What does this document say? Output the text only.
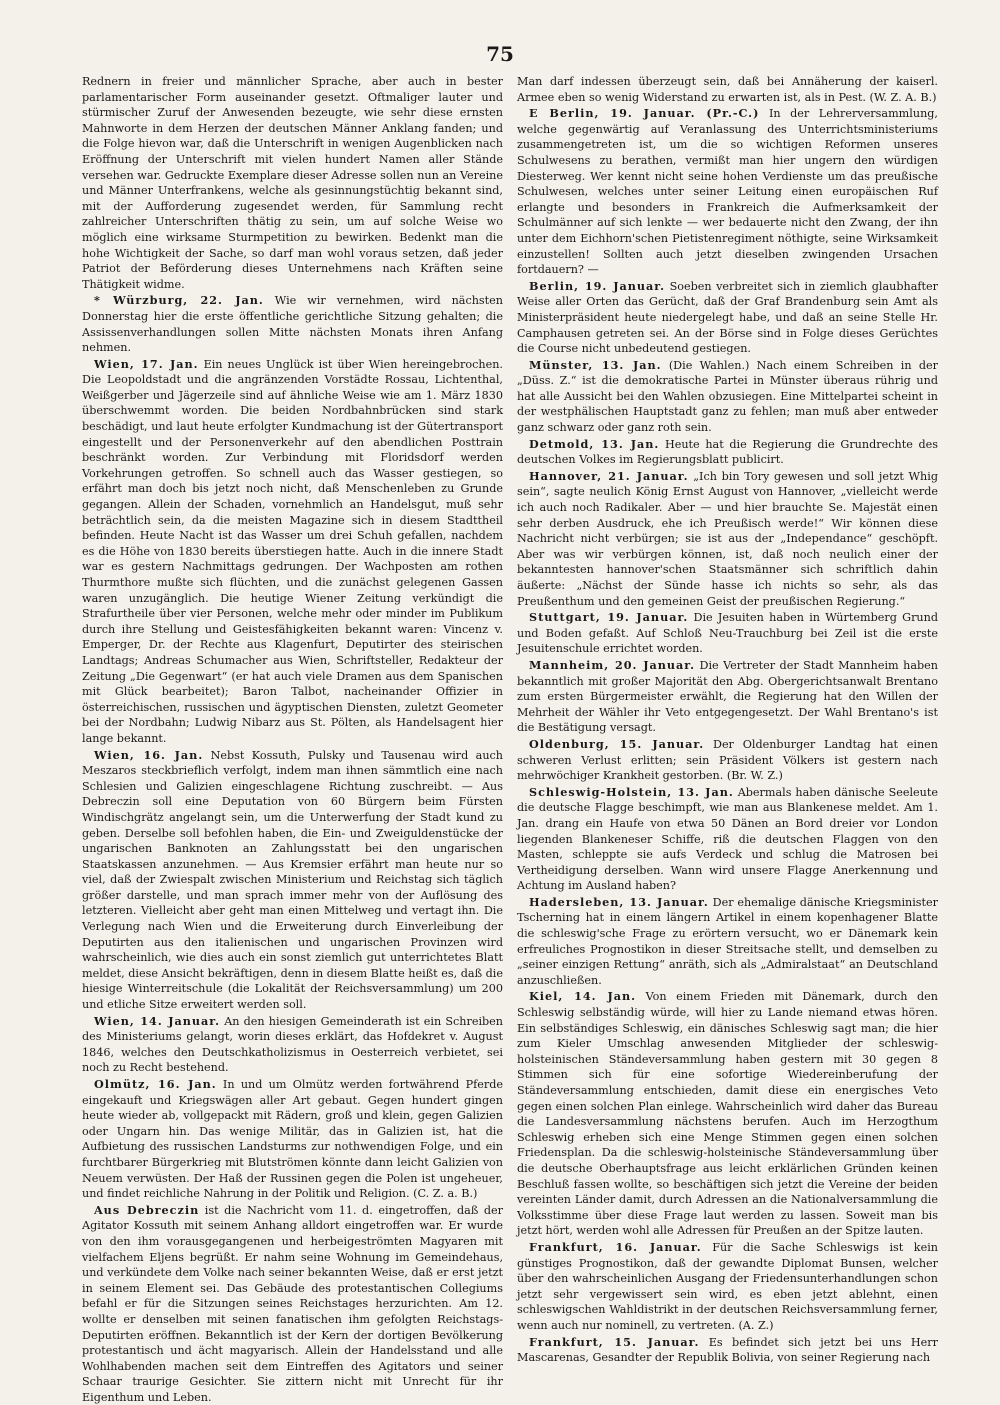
75

Rednern in freier und männlicher Sprache, aber auch in bester parlamentarischer Form auseinander gesetzt. Oftmaliger lauter und stürmischer Zuruf der Anwesenden bezeugte, wie sehr diese ernsten Mahnworte in dem Herzen der deutschen Männer Anklang fanden; und die Folge hievon war, daß die Unterschrift in wenigen Augenblicken nach Eröffnung der Unterschrift mit vielen hundert Namen aller Stände versehen war. Gedruckte Exemplare dieser Adresse sollen nun an Vereine und Männer Unterfrankens, welche als gesinnungstüchtig bekannt sind, mit der Aufforderung zugesendet werden, für Sammlung recht zahlreicher Unterschriften thätig zu sein, um auf solche Weise wo möglich eine wirksame Sturmpetition zu bewirken. Bedenkt man die hohe Wichtigkeit der Sache, so darf man wohl voraus setzen, daß jeder Patriot der Beförderung dieses Unternehmens nach Kräften seine Thätigkeit widme.

* Würzburg, 22. Jan. Wie wir vernehmen, wird nächsten Donnerstag hier die erste öffentliche gerichtliche Sitzung gehalten; die Assissenverhandlungen sollen Mitte nächsten Monats ihren Anfang nehmen.

Wien, 17. Jan. Ein neues Unglück ist über Wien hereingebrochen. Die Leopoldstadt und die angränzenden Vorstädte Rossau, Lichtenthal, Weißgerber und Jägerzeile sind auf ähnliche Weise wie am 1. März 1830 überschwemmt worden. Die beiden Nordbahnbrücken sind stark beschädigt, und laut heute erfolgter Kundmachung ist der Gütertransport eingestellt und der Personenverkehr auf den abendlichen Posttrain beschränkt worden. Zur Verbindung mit Floridsdorf werden Vorkehrungen getroffen. So schnell auch das Wasser gestiegen, so erfährt man doch bis jetzt noch nicht, daß Menschenleben zu Grunde gegangen. Allein der Schaden, vornehmlich an Handelsgut, muß sehr beträchtlich sein, da die meisten Magazine sich in diesem Stadttheil befinden. Heute Nacht ist das Wasser um drei Schuh gefallen, nachdem es die Höhe von 1830 bereits überstiegen hatte. Auch in die innere Stadt war es gestern Nachmittags gedrungen. Der Wachposten am rothen Thurmthore mußte sich flüchten, und die zunächst gelegenen Gassen waren unzugänglich. Die heutige Wiener Zeitung verkündigt die Strafurtheile über vier Personen, welche mehr oder minder im Publikum durch ihre Stellung und Geistesfähigkeiten bekannt waren: Vincenz v. Emperger, Dr. der Rechte aus Klagenfurt, Deputirter des steirischen Landtags; Andreas Schumacher aus Wien, Schriftsteller, Redakteur der Zeitung „Die Gegenwart“ (er hat auch viele Dramen aus dem Spanischen mit Glück bearbeitet); Baron Talbot, nacheinander Offizier in österreichischen, russischen und ägyptischen Diensten, zuletzt Geometer bei der Nordbahn; Ludwig Nibarz aus St. Pölten, als Handelsagent hier lange bekannt.

Wien, 16. Jan. Nebst Kossuth, Pulsky und Tausenau wird auch Meszaros steckbrieflich verfolgt, indem man ihnen sämmtlich eine nach Schlesien und Galizien eingeschlagene Richtung zuschreibt. — Aus Debreczin soll eine Deputation von 60 Bürgern beim Fürsten Windischgrätz angelangt sein, um die Unterwerfung der Stadt kund zu geben. Derselbe soll befohlen haben, die Ein- und Zweiguldenstücke der ungarischen Banknoten an Zahlungsstatt bei den ungarischen Staatskassen anzunehmen. — Aus Kremsier erfährt man heute nur so viel, daß der Zwiespalt zwischen Ministerium und Reichstag sich täglich größer darstelle, und man sprach immer mehr von der Auflösung des letzteren. Vielleicht aber geht man einen Mittelweg und vertagt ihn. Die Verlegung nach Wien und die Erweiterung durch Einverleibung der Deputirten aus den italienischen und ungarischen Provinzen wird wahrscheinlich, wie dies auch ein sonst ziemlich gut unterrichtetes Blatt meldet, diese Ansicht bekräftigen, denn in diesem Blatte heißt es, daß die hiesige Winterreitschule (die Lokalität der Reichsversammlung) um 200 und etliche Sitze erweitert werden soll.

Wien, 14. Januar. An den hiesigen Gemeinderath ist ein Schreiben des Ministeriums gelangt, worin dieses erklärt, das Hofdekret v. August 1846, welches den Deutschkatholizismus in Oesterreich verbietet, sei noch zu Recht bestehend.

Olmütz, 16. Jan. In und um Olmütz werden fortwährend Pferde eingekauft und Kriegswägen aller Art gebaut. Gegen hundert gingen heute wieder ab, vollgepackt mit Rädern, groß und klein, gegen Galizien oder Ungarn hin. Das wenige Militär, das in Galizien ist, hat die Aufbietung des russischen Landsturms zur nothwendigen Folge, und ein furchtbarer Bürgerkrieg mit Blutströmen könnte dann leicht Galizien von Neuem verwüsten. Der Haß der Russinen gegen die Polen ist ungeheuer, und findet reichliche Nahrung in der Politik und Religion. (C. Z. a. B.)

Aus Debreczin ist die Nachricht vom 11. d. eingetroffen, daß der Agitator Kossuth mit seinem Anhang alldort eingetroffen war. Er wurde von den ihm vorausgegangenen und herbeigeströmten Magyaren mit vielfachem Eljens begrüßt. Er nahm seine Wohnung im Gemeindehaus, und verkündete dem Volke nach seiner bekannten Weise, daß er erst jetzt in seinem Element sei. Das Gebäude des protestantischen Collegiums befahl er für die Sitzungen seines Reichstages herzurichten. Am 12. wollte er denselben mit seinen fanatischen ihm gefolgten Reichstags-Deputirten eröffnen. Bekanntlich ist der Kern der dortigen Bevölkerung protestantisch und ächt magyarisch. Allein der Handelsstand und alle Wohlhabenden machen seit dem Eintreffen des Agitators und seiner Schaar traurige Gesichter. Sie zittern nicht mit Unrecht für ihr Eigenthum und Leben.

Man darf indessen überzeugt sein, daß bei Annäherung der kaiserl. Armee eben so wenig Widerstand zu erwarten ist, als in Pest. (W. Z. A. B.)

E Berlin, 19. Januar. (Pr.-C.) In der Lehrerversammlung, welche gegenwärtig auf Veranlassung des Unterrichtsministeriums zusammengetreten ist, um die so wichtigen Reformen unseres Schulwesens zu berathen, vermißt man hier ungern den würdigen Diesterweg. Wer kennt nicht seine hohen Verdienste um das preußische Schulwesen, welches unter seiner Leitung einen europäischen Ruf erlangte und besonders in Frankreich die Aufmerksamkeit der Schulmänner auf sich lenkte — wer bedauerte nicht den Zwang, der ihn unter dem Eichhorn'schen Pietistenregiment nöthigte, seine Wirksamkeit einzustellen! Sollten auch jetzt dieselben zwingenden Ursachen fortdauern? —

Berlin, 19. Januar. Soeben verbreitet sich in ziemlich glaubhafter Weise aller Orten das Gerücht, daß der Graf Brandenburg sein Amt als Ministerpräsident heute niedergelegt habe, und daß an seine Stelle Hr. Camphausen getreten sei. An der Börse sind in Folge dieses Gerüchtes die Course nicht unbedeutend gestiegen.

Münster, 13. Jan. (Die Wahlen.) Nach einem Schreiben in der „Düss. Z.“ ist die demokratische Partei in Münster überaus rührig und hat alle Aussicht bei den Wahlen obzusiegen. Eine Mittelpartei scheint in der westphälischen Hauptstadt ganz zu fehlen; man muß aber entweder ganz schwarz oder ganz roth sein.

Detmold, 13. Jan. Heute hat die Regierung die Grundrechte des deutschen Volkes im Regierungsblatt publicirt.

Hannover, 21. Januar. „Ich bin Tory gewesen und soll jetzt Whig sein“, sagte neulich König Ernst August von Hannover, „vielleicht werde ich auch noch Radikaler. Aber — und hier brauchte Se. Majestät einen sehr derben Ausdruck, ehe ich Preußisch werde!“ Wir können diese Nachricht nicht verbürgen; sie ist aus der „Independance“ geschöpft. Aber was wir verbürgen können, ist, daß noch neulich einer der bekanntesten hannover'schen Staatsmänner sich schriftlich dahin äußerte: „Nächst der Sünde hasse ich nichts so sehr, als das Preußenthum und den gemeinen Geist der preußischen Regierung.“

Stuttgart, 19. Januar. Die Jesuiten haben in Würtemberg Grund und Boden gefaßt. Auf Schloß Neu-Trauchburg bei Zeil ist die erste Jesuitenschule errichtet worden.

Mannheim, 20. Januar. Die Vertreter der Stadt Mannheim haben bekanntlich mit großer Majorität den Abg. Obergerichtsanwalt Brentano zum ersten Bürgermeister erwählt, die Regierung hat den Willen der Mehrheit der Wähler ihr Veto entgegengesetzt. Der Wahl Brentano's ist die Bestätigung versagt.

Oldenburg, 15. Januar. Der Oldenburger Landtag hat einen schweren Verlust erlitten; sein Präsident Völkers ist gestern nach mehrwöchiger Krankheit gestorben. (Br. W. Z.)

Schleswig-Holstein, 13. Jan. Abermals haben dänische Seeleute die deutsche Flagge beschimpft, wie man aus Blankenese meldet. Am 1. Jan. drang ein Haufe von etwa 50 Dänen an Bord dreier vor London liegenden Blankeneser Schiffe, riß die deutschen Flaggen von den Masten, schleppte sie aufs Verdeck und schlug die Matrosen bei Vertheidigung derselben. Wann wird unsere Flagge Anerkennung und Achtung im Ausland haben?

Hadersleben, 13. Januar. Der ehemalige dänische Kriegsminister Tscherning hat in einem längern Artikel in einem kopenhagener Blatte die schleswig'sche Frage zu erörtern versucht, wo er Dänemark kein erfreuliches Prognostikon in dieser Streitsache stellt, und demselben zu „seiner einzigen Rettung“ anräth, sich als „Admiralstaat“ an Deutschland anzuschließen.

Kiel, 14. Jan. Von einem Frieden mit Dänemark, durch den Schleswig selbständig würde, will hier zu Lande niemand etwas hören. Ein selbständiges Schleswig, ein dänisches Schleswig sagt man; die hier zum Kieler Umschlag anwesenden Mitglieder der schleswig-holsteinischen Ständeversammlung haben gestern mit 30 gegen 8 Stimmen sich für eine sofortige Wiedereinberufung der Ständeversammlung entschieden, damit diese ein energisches Veto gegen einen solchen Plan einlege. Wahrscheinlich wird daher das Bureau die Landesversammlung nächstens berufen. Auch im Herzogthum Schleswig erheben sich eine Menge Stimmen gegen einen solchen Friedensplan. Da die schleswig-holsteinische Ständeversammlung über die deutsche Oberhauptsfrage aus leicht erklärlichen Gründen keinen Beschluß fassen wollte, so beschäftigen sich jetzt die Vereine der beiden vereinten Länder damit, durch Adressen an die Nationalversammlung die Volksstimme über diese Frage laut werden zu lassen. Soweit man bis jetzt hört, werden wohl alle Adressen für Preußen an der Spitze lauten.

Frankfurt, 16. Januar. Für die Sache Schleswigs ist kein günstiges Prognostikon, daß der gewandte Diplomat Bunsen, welcher über den wahrscheinlichen Ausgang der Friedensunterhandlungen schon jetzt sehr vergewissert sein wird, es eben jetzt ablehnt, einen schleswigschen Wahldistrikt in der deutschen Reichsversammlung ferner, wenn auch nur nominell, zu vertreten. (A. Z.)

Frankfurt, 15. Januar. Es befindet sich jetzt bei uns Herr Mascarenas, Gesandter der Republik Bolivia, von seiner Regierung nach
